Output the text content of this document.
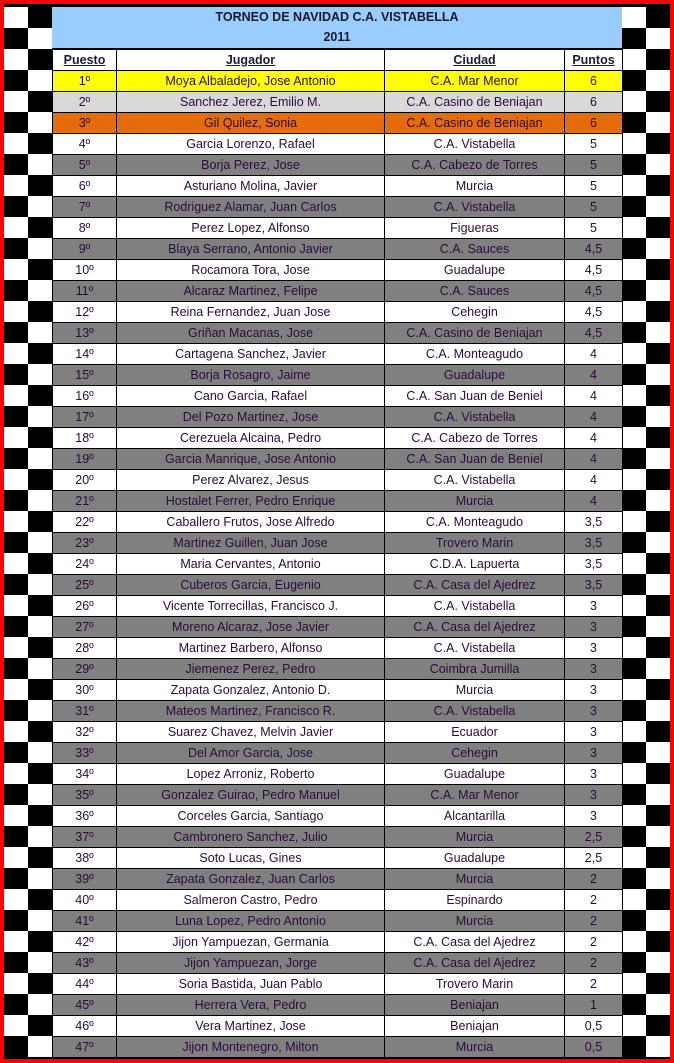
TORNEO DE NAVIDAD C.A. VISTABELLA
2011
Puesto	Jugador	Ciudad	Puntos
1º	Moya Albaladejo, Jose Antonio	C.A. Mar Menor	6
2º	Sanchez Jerez, Emilio M.	C.A. Casino de Beniajan	6
3º	Gil Quilez, Sonia	C.A. Casino de Beniajan	6
4º	Garcia Lorenzo, Rafael	C.A. Vistabella	5
5º	Borja Perez, Jose	C.A. Cabezo de Torres	5
6º	Asturiano Molina, Javier	Murcia	5
7º	Rodriguez Alamar, Juan Carlos	C.A. Vistabella	5
8º	Perez Lopez, Alfonso	Figueras	5
9º	Blaya Serrano, Antonio Javier	C.A. Sauces	4,5
10º	Rocamora Tora, Jose	Guadalupe	4,5
11º	Alcaraz Martinez, Felipe	C.A. Sauces	4,5
12º	Reina Fernandez, Juan Jose	Cehegin	4,5
13º	Griñan Macanas, Jose	C.A. Casino de Beniajan	4,5
14º	Cartagena Sanchez, Javier	C.A. Monteagudo	4
15º	Borja Rosagro, Jaime	Guadalupe	4
16º	Cano Garcia, Rafael	C.A. San Juan de Beniel	4
17º	Del Pozo Martinez, Jose	C.A. Vistabella	4
18º	Cerezuela Alcaina, Pedro	C.A. Cabezo de Torres	4
19º	Garcia Manrique, Jose Antonio	C.A. San Juan de Beniel	4
20º	Perez Alvarez, Jesus	C.A. Vistabella	4
21º	Hostalet Ferrer, Pedro Enrique	Murcia	4
22º	Caballero Frutos, Jose Alfredo	C.A. Monteagudo	3,5
23º	Martinez Guillen, Juan Jose	Trovero Marin	3,5
24º	Maria Cervantes, Antonio	C.D.A. Lapuerta	3,5
25º	Cuberos Garcia, Eugenio	C.A. Casa del Ajedrez	3,5
26º	Vicente Torrecillas, Francisco J.	C.A. Vistabella	3
27º	Moreno Alcaraz, Jose Javier	C.A. Casa del Ajedrez	3
28º	Martinez Barbero, Alfonso	C.A. Vistabella	3
29º	Jiemenez Perez, Pedro	Coimbra Jumilla	3
30º	Zapata Gonzalez, Antonio D.	Murcia	3
31º	Mateos Martinez, Francisco R.	C.A. Vistabella	3
32º	Suarez Chavez, Melvin Javier	Ecuador	3
33º	Del Amor Garcia, Jose	Cehegin	3
34º	Lopez Arroniz, Roberto	Guadalupe	3
35º	Gonzalez Guirao, Pedro Manuel	C.A. Mar Menor	3
36º	Corceles Garcia, Santiago	Alcantarilla	3
37º	Cambronero Sanchez, Julio	Murcia	2,5
38º	Soto Lucas, Gines	Guadalupe	2,5
39º	Zapata Gonzalez, Juan Carlos	Murcia	2
40º	Salmeron Castro, Pedro	Espinardo	2
41º	Luna Lopez, Pedro Antonio	Murcia	2
42º	Jijon Yampuezan, Germania	C.A. Casa del Ajedrez	2
43º	Jijon Yampuezan, Jorge	C.A. Casa del Ajedrez	2
44º	Soria Bastida, Juan Pablo	Trovero Marin	2
45º	Herrera Vera, Pedro	Beniajan	1
46º	Vera Martinez, Jose	Beniajan	0,5
47º	Jijon Montenegro, Milton	Murcia	0,5
